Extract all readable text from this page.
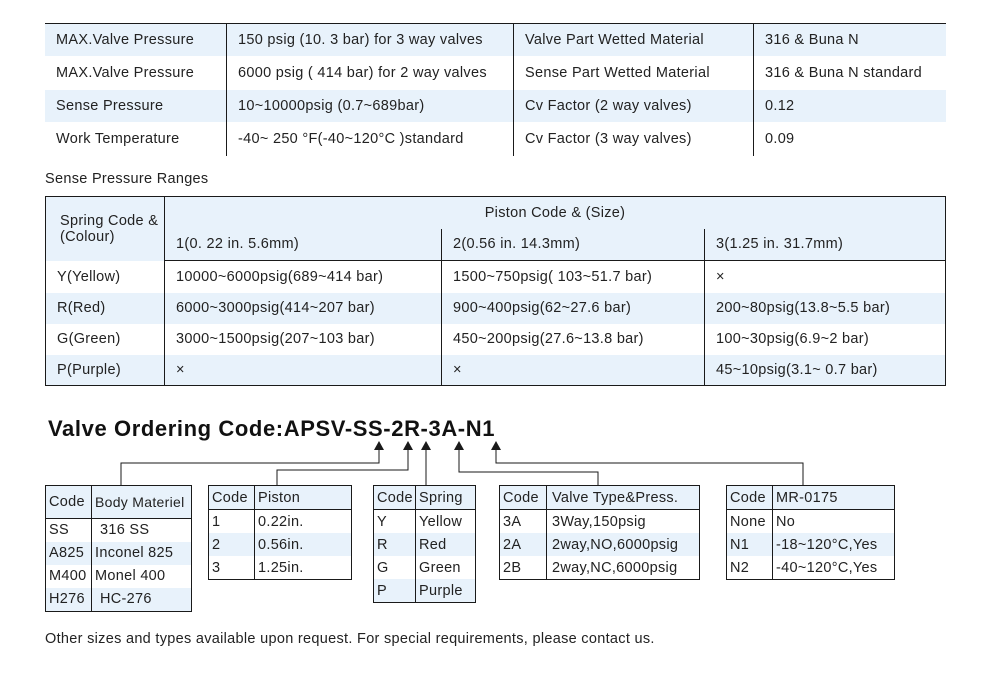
MAX.Valve Pressure	150 psig (10. 3 bar) for 3 way valves	Valve Part Wetted Material	316 & Buna N
MAX.Valve Pressure	6000 psig ( 414 bar) for 2 way valves	Sense Part Wetted Material	316 & Buna N standard
Sense Pressure	10~10000psig (0.7~689bar)	Cv Factor (2 way valves)	0.12
Work Temperature	-40~ 250 °F(-40~120°C )standard	Cv Factor (3 way valves)	0.09
Sense Pressure Ranges
Spring Code &(Colour)	Piston Code & (Size)		
	1(0. 22 in. 5.6mm)	2(0.56 in. 14.3mm)	3(1.25 in. 31.7mm)
Y(Yellow)	10000~6000psig(689~414 bar)	1500~750psig( 103~51.7 bar)	×
R(Red)	6000~3000psig(414~207 bar)	900~400psig(62~27.6 bar)	200~80psig(13.8~5.5 bar)
G(Green)	3000~1500psig(207~103 bar)	450~200psig(27.6~13.8 bar)	100~30psig(6.9~2 bar)
P(Purple)	×	×	45~10psig(3.1~ 0.7 bar)
Valve Ordering Code:APSV-SS-2R-3A-N1
Code	Body Materiel
SS	316 SS
A825	Inconel 825
M400	Monel 400
H276	HC-276
Code	Piston
1	0.22in.
2	0.56in.
3	1.25in.
Code	Spring
Y	Yellow
R	Red
G	Green
P	Purple
Code	Valve Type&Press.
3A	3Way,150psig
2A	2way,NO,6000psig
2B	2way,NC,6000psig
Code	MR-0175
None	No
N1	-18~120°C,Yes
N2	-40~120°C,Yes
Other sizes and types available upon request. For special requirements, please contact us.
